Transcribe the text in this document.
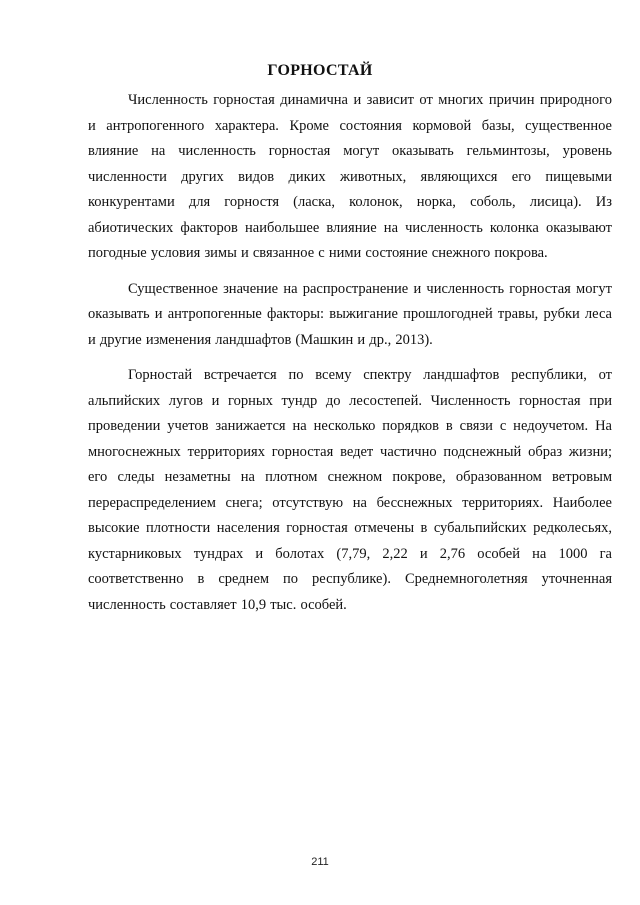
ГОРНОСТАЙ

Численность горностая динамична и зависит от многих причин природного и антропогенного характера. Кроме состояния кормовой базы, существенное влияние на численность горностая могут оказывать гельминтозы, уровень численности других видов диких животных, являющихся его пищевыми конкурентами для горностя (ласка, колонок, норка, соболь, лисица). Из абиотических факторов наибольшее влияние на численность колонка оказывают погодные условия зимы и связанное с ними состояние снежного покрова.

Существенное значение на распространение и численность горностая могут оказывать и антропогенные факторы: выжигание прошлогодней травы, рубки леса и другие изменения ландшафтов (Машкин и др., 2013).

Горностай встречается по всему спектру ландшафтов республики, от альпийских лугов и горных тундр до лесостепей. Численность горностая при проведении учетов занижается на несколько порядков в связи с недоучетом. На многоснежных территориях горностая ведет частично подснежный образ жизни; его следы незаметны на плотном снежном покрове, образованном ветровым перераспределением снега; отсутствую на бесснежных территориях. Наиболее высокие плотности населения горностая отмечены в субальпийских редколесьях, кустарниковых тундрах и болотах (7,79, 2,22 и 2,76 особей на 1000 га соответственно в среднем по республике). Среднемноголетняя уточненная численность составляет 10,9 тыс. особей.

211
